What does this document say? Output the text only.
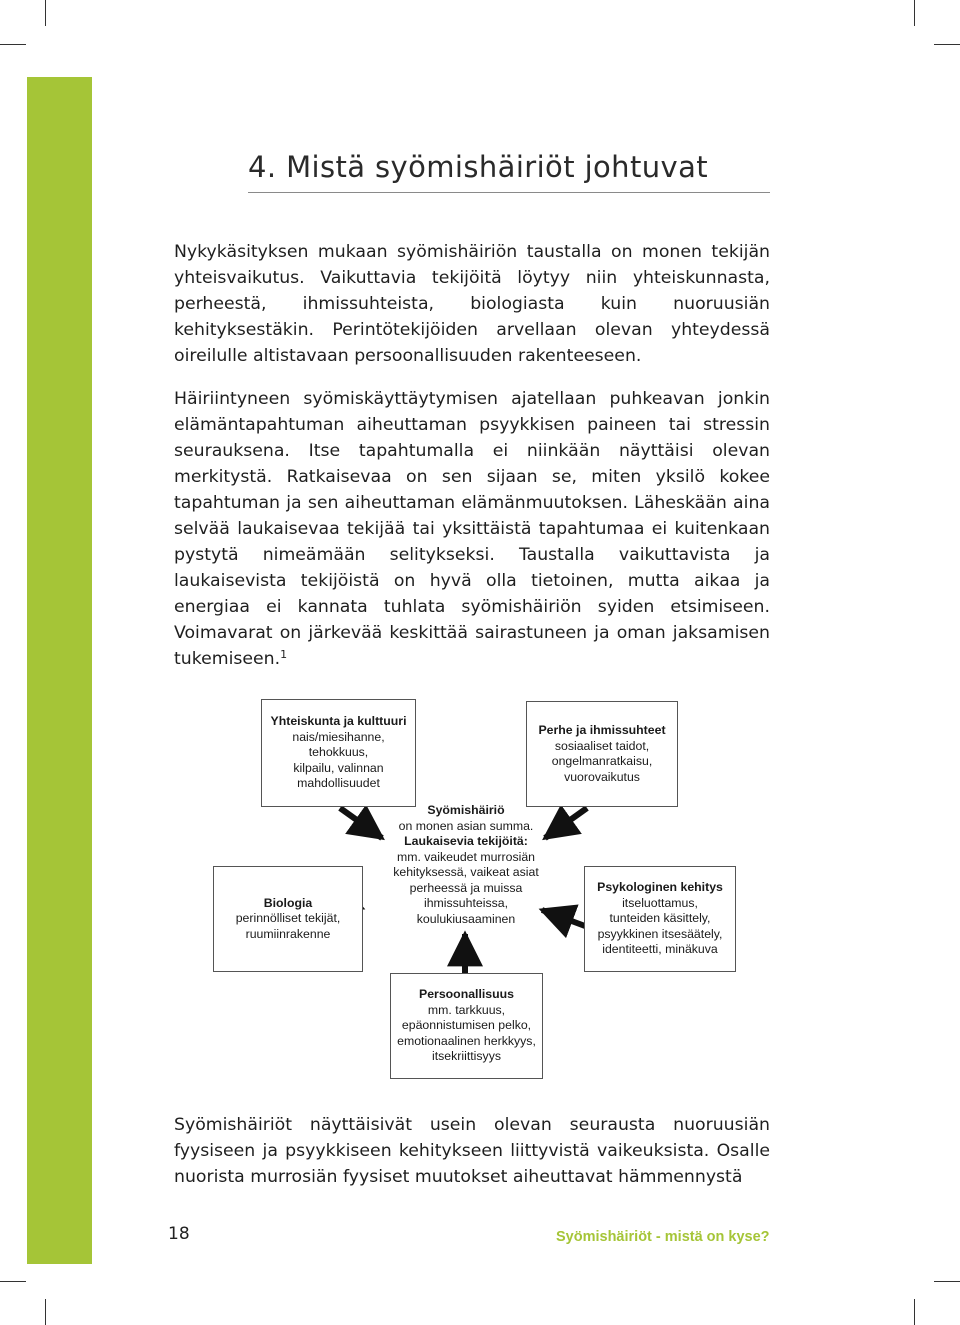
4. Mistä syömishäiriöt johtuvat

Nykykäsityksen mukaan syömishäiriön taustalla on monen tekijän yhteisvaikutus. Vaikuttavia tekijöitä löytyy niin yhteiskunnasta, perheestä, ihmissuhteista, biologiasta kuin nuoruusiän kehityksestäkin. Perintötekijöiden arvellaan olevan yhteydessä oireilulle altistavaan persoonallisuuden rakenteeseen.

Häiriintyneen syömiskäyttäytymisen ajatellaan puhkeavan jonkin elämäntapahtuman aiheuttaman psyykkisen paineen tai stressin seurauksena. Itse tapahtumalla ei niinkään näyttäisi olevan merkitystä. Ratkaisevaa on sen sijaan se, miten yksilö kokee tapahtuman ja sen aiheuttaman elämänmuutoksen. Läheskään aina selvää laukaisevaa tekijää tai yksittäistä tapahtumaa ei kuitenkaan pystytä nimeämään selitykseksi. Taustalla vaikuttavista ja laukaisevista tekijöistä on hyvä olla tietoinen, mutta aikaa ja energiaa ei kannata tuhlata syömishäiriön syiden etsimiseen. Voimavarat on järkevää keskittää sairastuneen ja oman jaksamisen tukemiseen.$^1$

Yhteiskunta ja kulttuuri
nais/miesihanne,
tehokkuus,
kilpailu, valinnan
mahdollisuudet
Perhe ja ihmissuhteet
sosiaaliset taidot,
ongelmanratkaisu,
vuorovaikutus
Biologia
perinnölliset tekijät,
ruumiinrakenne
Psykologinen kehitys
itseluottamus,
tunteiden käsittely,
psyykkinen itsesäätely,
identiteetti, minäkuva
Persoonallisuus
mm. tarkkuus,
epäonnistumisen pelko,
emotionaalinen herkkyys,
itsekriittisyys
Syömishäiriö
on monen asian summa.
Laukaisevia tekijöitä:
mm. vaikeudet murrosiän
kehityksessä, vaikeat asiat
perheessä ja muissa
ihmissuhteissa,
koulukiusaaminen

Syömishäiriöt näyttäisivät usein olevan seurausta nuoruusiän fyysiseen ja psyykkiseen kehitykseen liittyvistä vaikeuksista. Osalle nuorista murrosiän fyysiset muutokset aiheuttavat hämmennystä

18	Syömishäiriöt - mistä on kyse?
